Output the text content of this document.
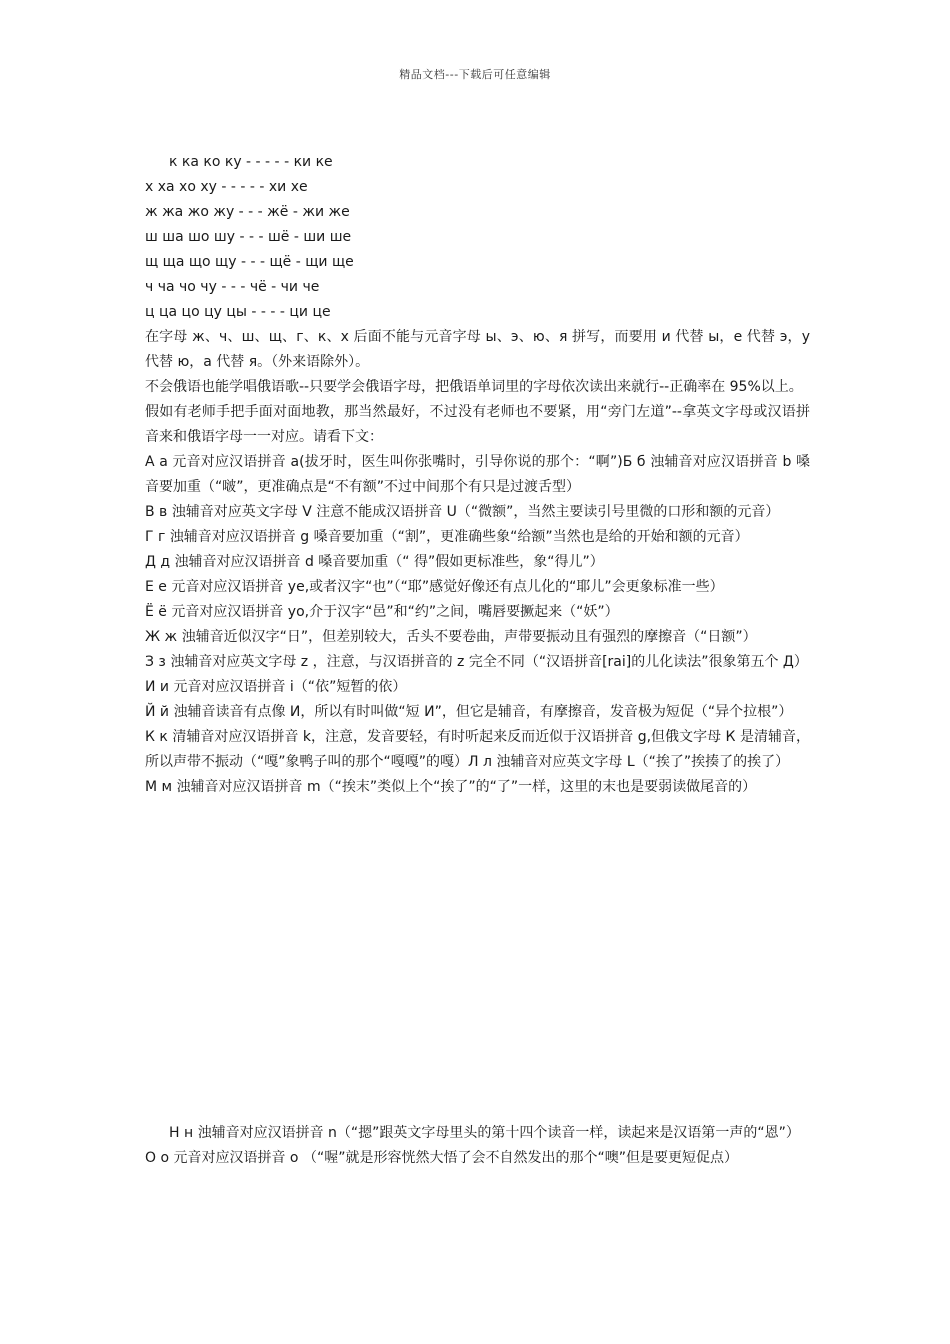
精品文档---下载后可任意编辑

к ка ко ку - - - - - ки ке

х ха хо ху - - - - - хи хе

ж жа жо жу - - - жё - жи же

ш ша шо шу - - - шё - ши ше

щ ща що щу - - - щё - щи ще

ч ча чо чу - - - чё - чи че

ц ца цо цу цы - - - - ци це

在字母 ж、ч、ш、щ、г、к、х 后面不能与元音字母 ы、э、ю、я 拼写，而要用 и 代替 ы，е 代替 э，у 代替 ю，а 代替 я。（外来语除外）。

不会俄语也能学唱俄语歌--只要学会俄语字母，把俄语单词里的字母依次读出来就行--正确率在 95%以上。

假如有老师手把手面对面地教，那当然最好，不过没有老师也不要紧，用“旁门左道”--拿英文字母或汉语拼音来和俄语字母一一对应。请看下文：

А а 元音对应汉语拼音 a(拔牙时，医生叫你张嘴时，引导你说的那个：“啊”)Б б 浊辅音对应汉语拼音 b 嗓音要加重（“啵”，更准确点是“不有额”不过中间那个有只是过渡舌型）

В в 浊辅音对应英文字母 V 注意不能成汉语拼音 U（“微额”，当然主要读引号里微的口形和额的元音）

Г г 浊辅音对应汉语拼音 g 嗓音要加重（“割”，更准确些象“给额”当然也是给的开始和额的元音）

Д д 浊辅音对应汉语拼音 d 嗓音要加重（“ 得”假如更标准些，象“得儿”）

Е е 元音对应汉语拼音 ye,或者汉字“也”（“耶”感觉好像还有点儿化的“耶儿”会更象标准一些）

Ё ё 元音对应汉语拼音 yo,介于汉字“邑”和“约”之间，嘴唇要撅起来（“妖”）

Ж ж 浊辅音近似汉字“日”，但差别较大，舌头不要卷曲，声带要振动且有强烈的摩擦音（“日额”）

З з 浊辅音对应英文字母 z ，注意，与汉语拼音的 z 完全不同（“汉语拼音[rai]的儿化读法”很象第五个 Д）

И и 元音对应汉语拼音 i（“依”短暂的依）

Й й 浊辅音读音有点像 И，所以有时叫做“短 И”，但它是辅音，有摩擦音，发音极为短促（“异个拉根”）

К к 清辅音对应汉语拼音 k，注意，发音要轻，有时听起来反而近似于汉语拼音 g,但俄文字母 К 是清辅音，所以声带不振动（“嘎”象鸭子叫的那个“嘎嘎”的嘎）Л л 浊辅音对应英文字母 L（“挨了”挨揍了的挨了）

М м 浊辅音对应汉语拼音 m（“挨末”类似上个“挨了”的“了”一样，这里的末也是要弱读做尾音的）

Н н 浊辅音对应汉语拼音 n（“摁”跟英文字母里头的第十四个读音一样，读起来是汉语第一声的“恩”）

О о 元音对应汉语拼音 o （“喔”就是形容恍然大悟了会不自然发出的那个“噢”但是要更短促点）
